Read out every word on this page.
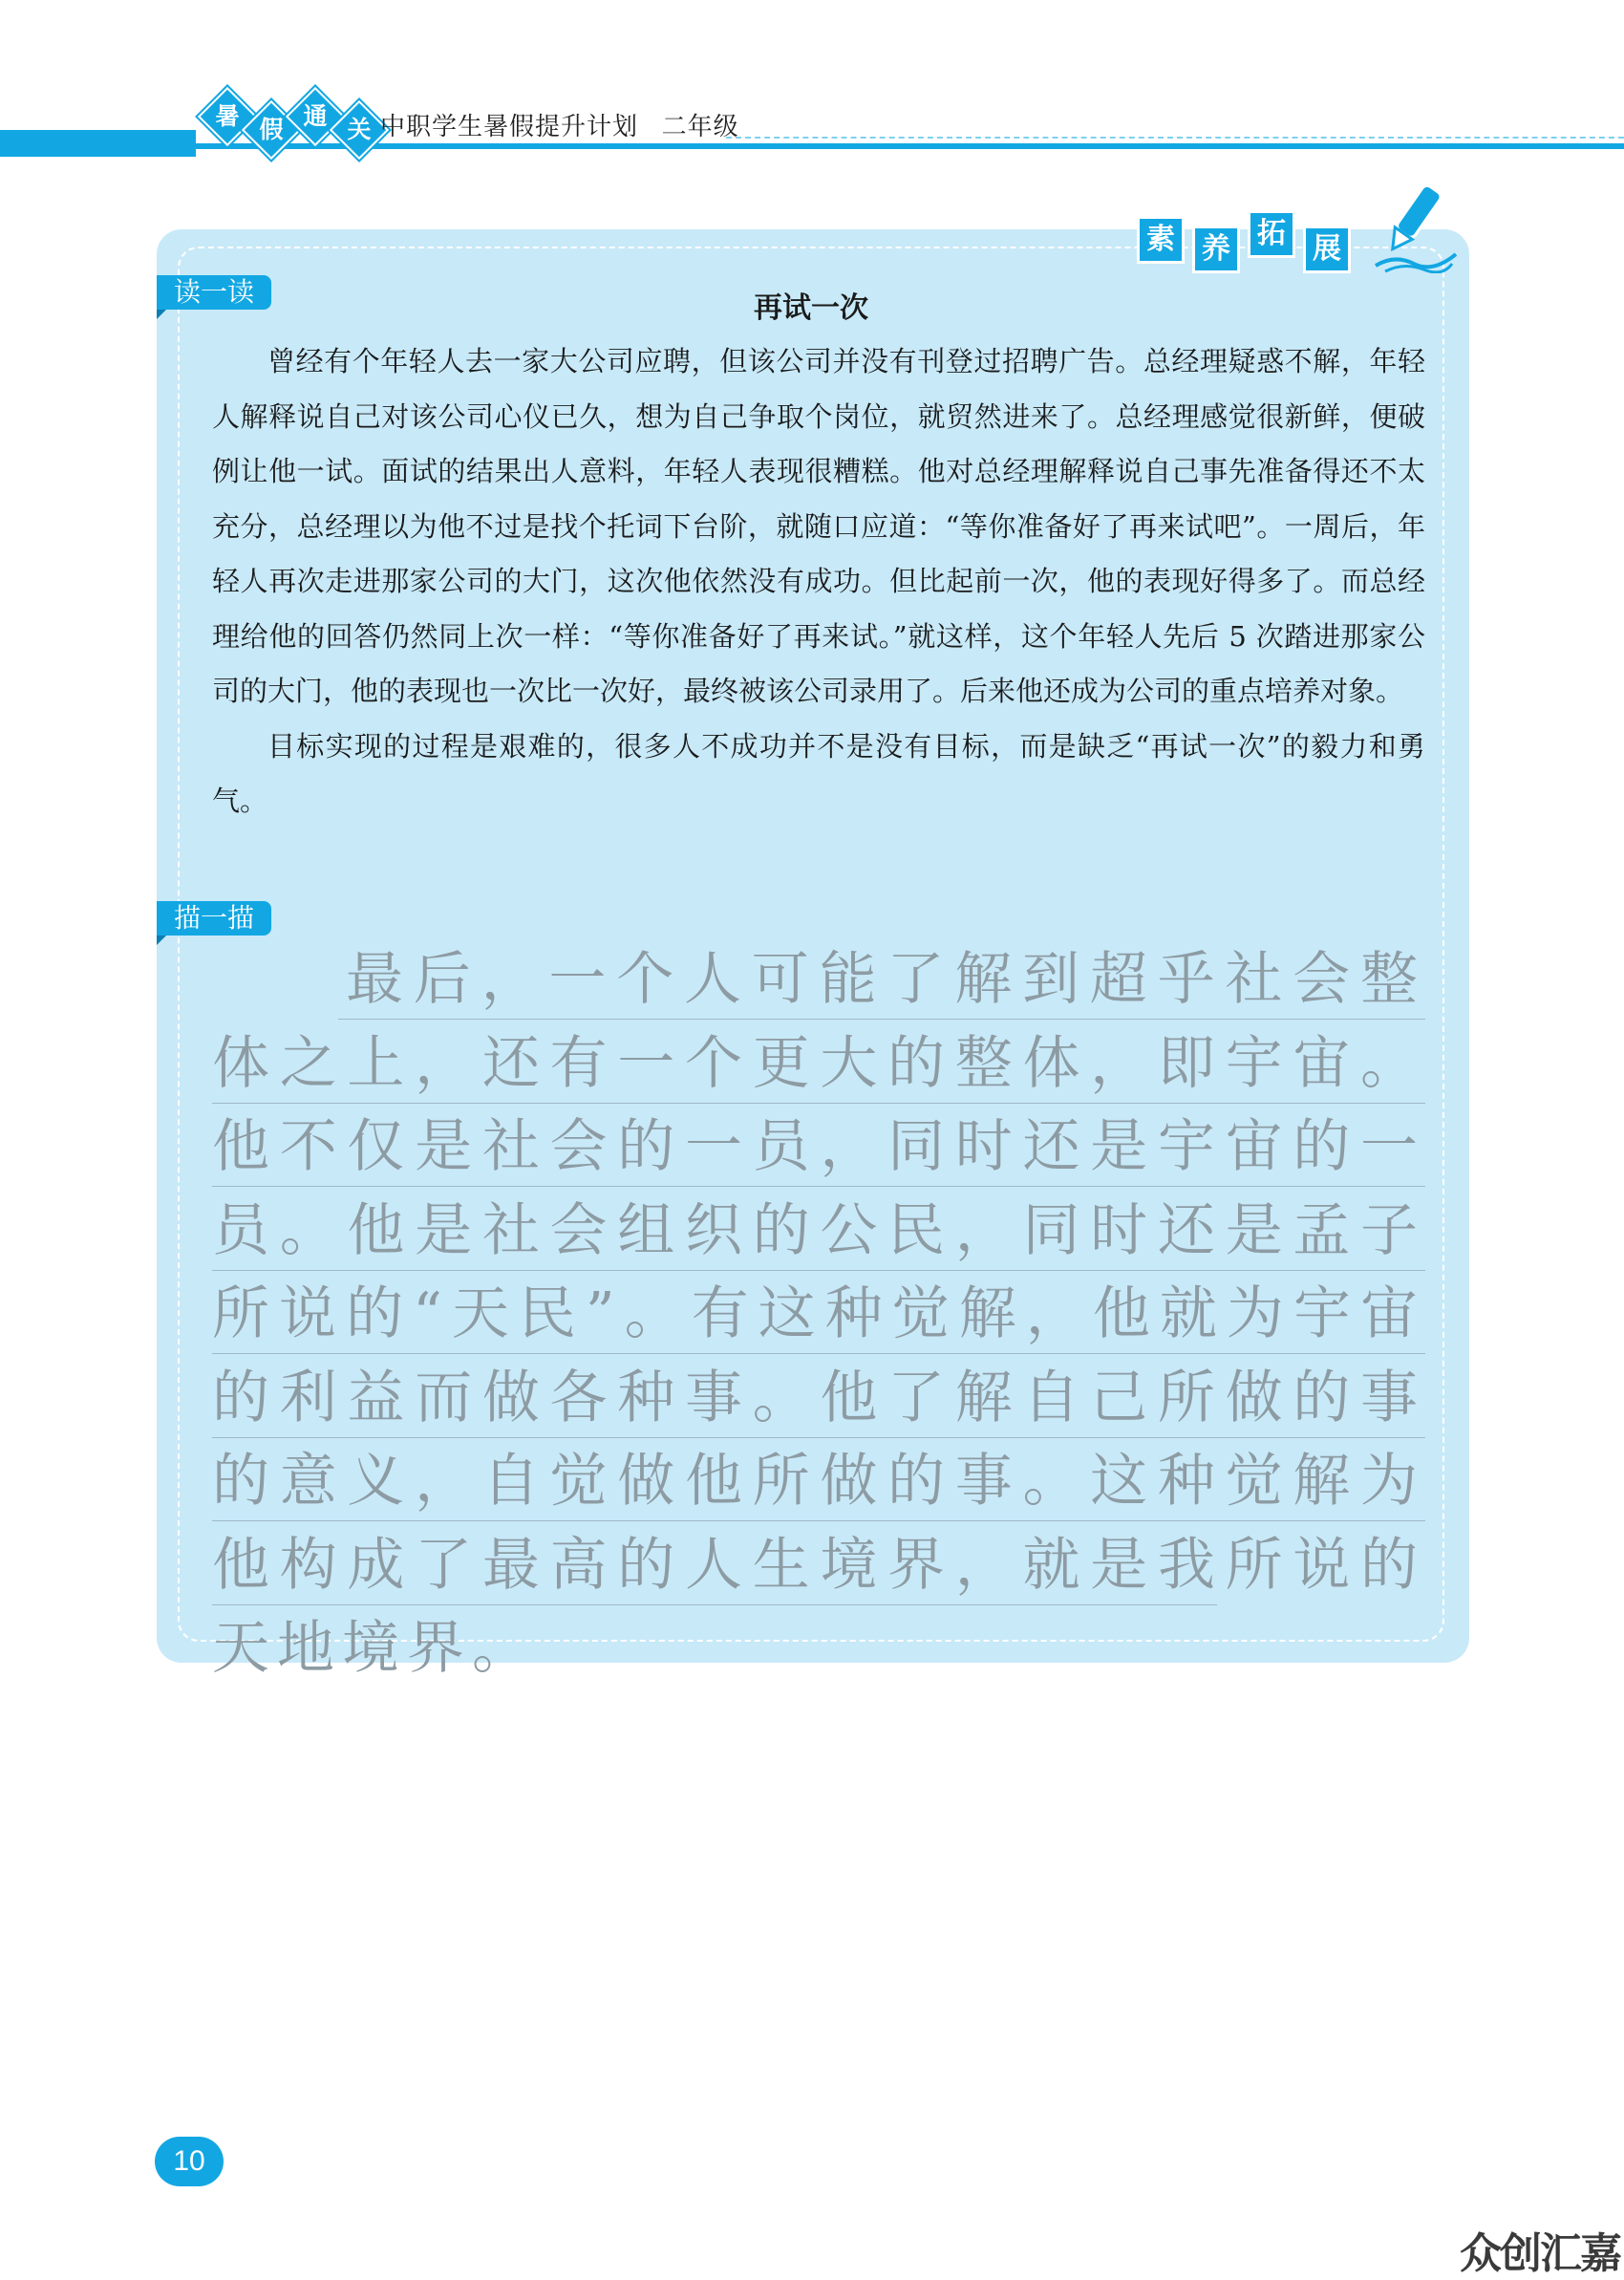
暑 假 通 关 中职学生暑假提升计划   二年级
素 养 拓 展
读一读
再试一次

曾经有个年轻人去一家大公司应聘，但该公司并没有刊登过招聘广告。总经理疑惑不解，年轻人解释说自己对该公司心仪已久，想为自己争取个岗位，就贸然进来了。总经理感觉很新鲜，便破例让他一试。面试的结果出人意料，年轻人表现很糟糕。他对总经理解释说自己事先准备得还不太充分，总经理以为他不过是找个托词下台阶，就随口应道：“等你准备好了再来试吧”。一周后，年轻人再次走进那家公司的大门，这次他依然没有成功。但比起前一次，他的表现好得多了。而总经理给他的回答仍然同上次一样：“等你准备好了再来试。”就这样，这个年轻人先后 5 次踏进那家公司的大门，他的表现也一次比一次好，最终被该公司录用了。后来他还成为公司的重点培养对象。

目标实现的过程是艰难的，很多人不成功并不是没有目标，而是缺乏“再试一次”的毅力和勇气。

描一描

最后，一个人可能了解到超乎社会整体之上，还有一个更大的整体，即宇宙。他不仅是社会的一员，同时还是宇宙的一员。他是社会组织的公民，同时还是孟子所说的“天民”。有这种觉解，他就为宇宙的利益而做各种事。他了解自己所做的事的意义，自觉做他所做的事。这种觉解为他构成了最高的人生境界，就是我所说的天地境界。

10
众创汇嘉
